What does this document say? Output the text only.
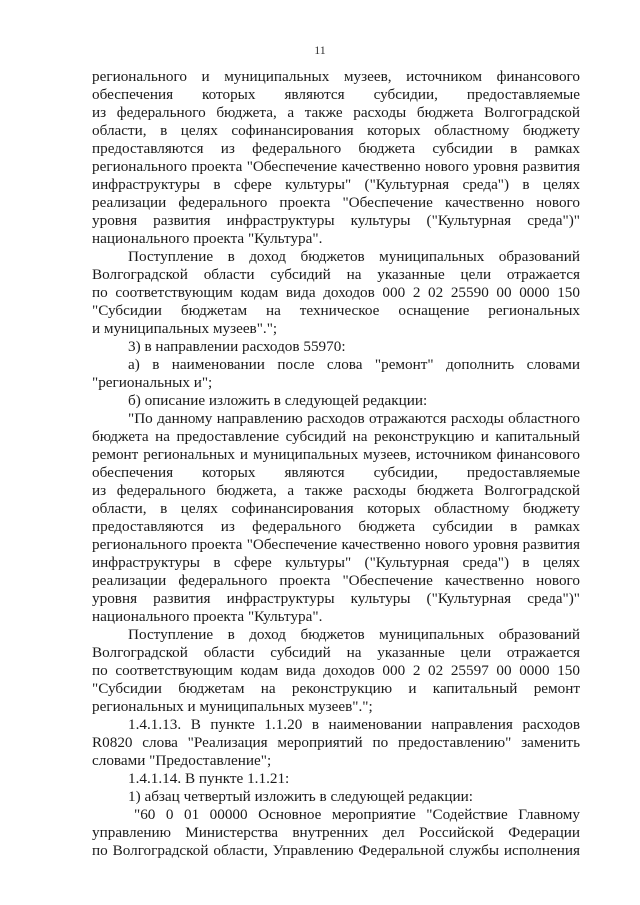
11
регионального и муниципальных музеев, источником финансового
обеспечения которых являются субсидии, предоставляемые
из федерального бюджета, а также расходы бюджета Волгоградской
области, в целях софинансирования которых областному бюджету
предоставляются из федерального бюджета субсидии в рамках
регионального проекта "Обеспечение качественно нового уровня развития
инфраструктуры в сфере культуры" ("Культурная среда") в целях
реализации федерального проекта "Обеспечение качественно нового
уровня развития инфраструктуры культуры ("Культурная среда")"
национального проекта "Культура".
Поступление в доход бюджетов муниципальных образований
Волгоградской области субсидий на указанные цели отражается
по соответствующим кодам вида доходов 000 2 02 25590 00 0000 150
"Субсидии бюджетам на техническое оснащение региональных
и муниципальных музеев".";
3) в направлении расходов 55970:
а) в наименовании после слова "ремонт" дополнить словами
"региональных и";
б) описание изложить в следующей редакции:
"По данному направлению расходов отражаются расходы областного
бюджета на предоставление субсидий на реконструкцию и капитальный
ремонт региональных и муниципальных музеев, источником финансового
обеспечения которых являются субсидии, предоставляемые
из федерального бюджета, а также расходы бюджета Волгоградской
области, в целях софинансирования которых областному бюджету
предоставляются из федерального бюджета субсидии в рамках
регионального проекта "Обеспечение качественно нового уровня развития
инфраструктуры в сфере культуры" ("Культурная среда") в целях
реализации федерального проекта "Обеспечение качественно нового
уровня развития инфраструктуры культуры ("Культурная среда")"
национального проекта "Культура".
Поступление в доход бюджетов муниципальных образований
Волгоградской области субсидий на указанные цели отражается
по соответствующим кодам вида доходов 000 2 02 25597 00 0000 150
"Субсидии бюджетам на реконструкцию и капитальный ремонт
региональных и муниципальных музеев".";
1.4.1.13. В пункте 1.1.20 в наименовании направления расходов
R0820 слова "Реализация мероприятий по предоставлению" заменить
словами "Предоставление";
1.4.1.14. В пункте 1.1.21:
1) абзац четвертый изложить в следующей редакции:
"60 0 01 00000 Основное мероприятие "Содействие Главному
управлению Министерства внутренних дел Российской Федерации
по Волгоградской области, Управлению Федеральной службы исполнения
